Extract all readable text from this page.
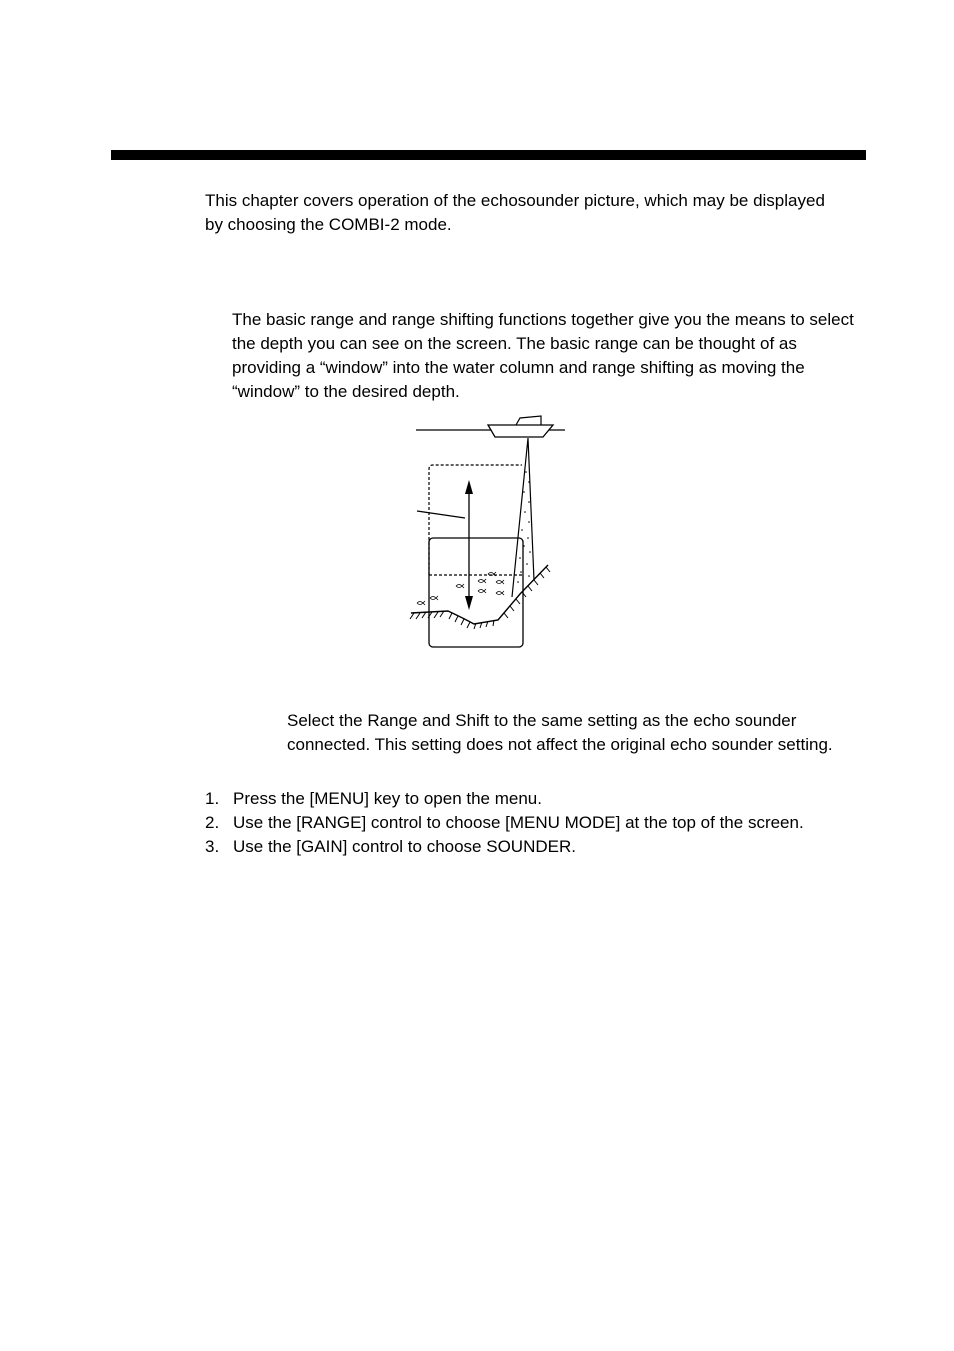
This chapter covers operation of the echosounder picture, which may be displayed by choosing the COMBI-2 mode.

The basic range and range shifting functions together give you the means to select the depth you can see on the screen. The basic range can be thought of as providing a “window” into the water column and range shifting as moving the “window” to the desired depth.

Select the Range and Shift to the same setting as the echo sounder connected. This setting does not affect the original echo sounder setting.

1. Press the [MENU] key to open the menu.
2. Use the [RANGE] control to choose [MENU MODE] at the top of the screen.
3. Use the [GAIN] control to choose SOUNDER.
